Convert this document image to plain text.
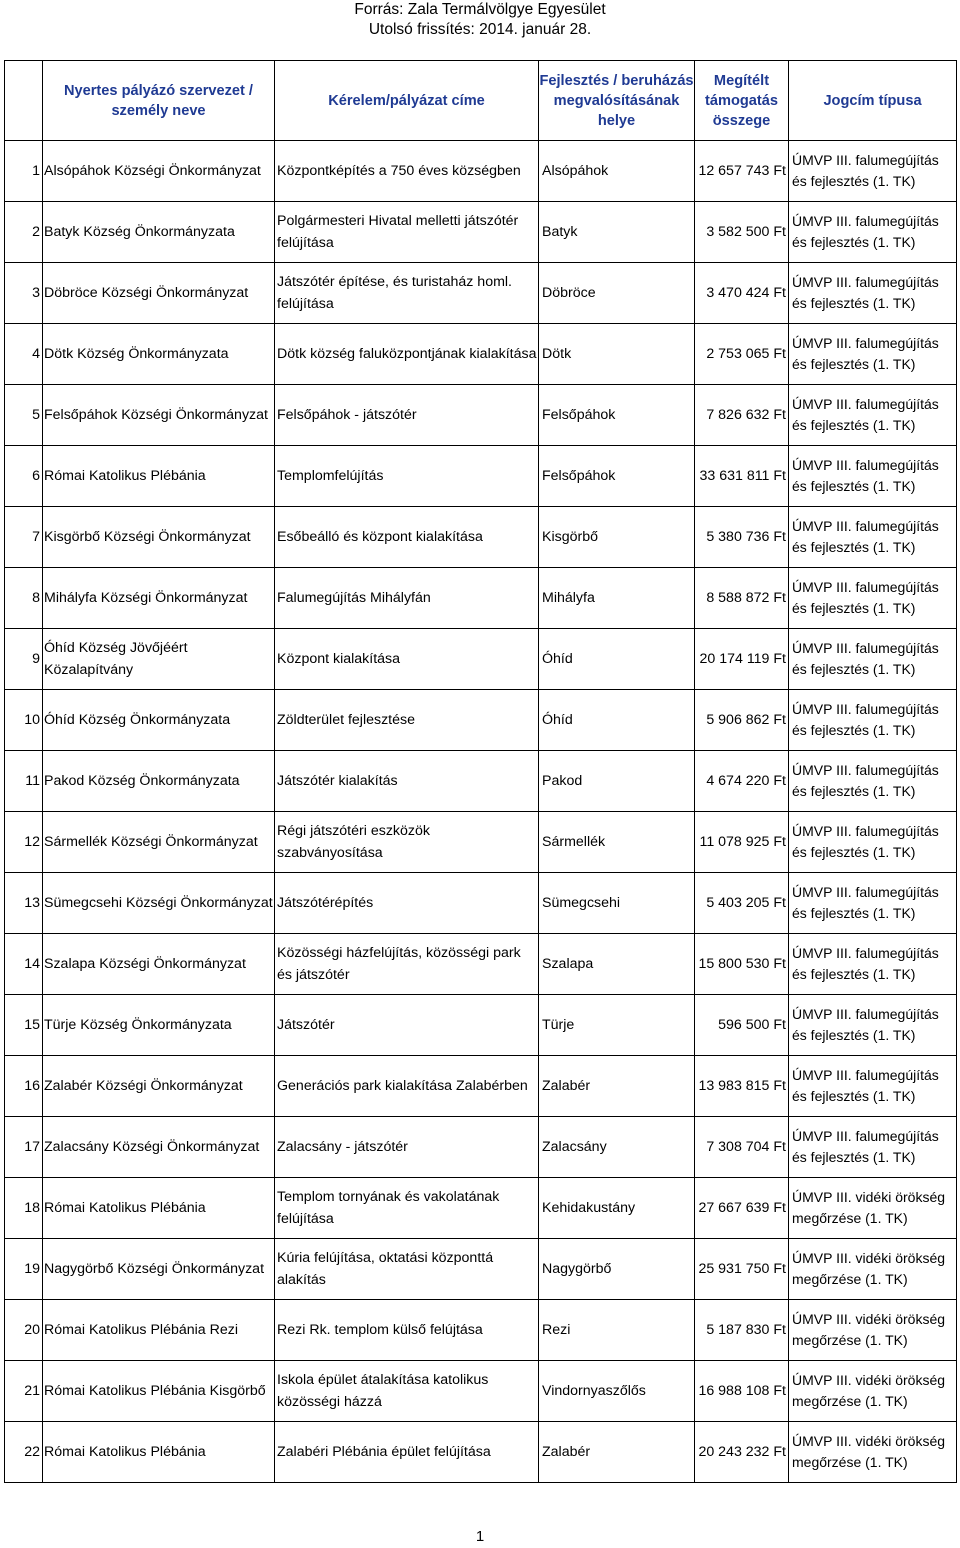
Forrás: Zala Termálvölgye Egyesület
Utolsó frissítés: 2014. január 28.
	Nyertes pályázó szervezet / személy neve	Kérelem/pályázat címe	Fejlesztés / beruházás megvalósításának helye	Megítélt támogatás összege	Jogcím típusa
1	Alsópáhok Községi Önkormányzat	Központképítés a 750 éves községben	Alsópáhok	12 657 743 Ft	ÚMVP III. falumegújítás és fejlesztés (1. TK)
2	Batyk Község Önkormányzata	Polgármesteri Hivatal melletti játszótér felújítása	Batyk	3 582 500 Ft	ÚMVP III. falumegújítás és fejlesztés (1. TK)
3	Döbröce Községi Önkormányzat	Játszótér építése, és turistaház homl. felújítása	Döbröce	3 470 424 Ft	ÚMVP III. falumegújítás és fejlesztés (1. TK)
4	Dötk Község Önkormányzata	Dötk község faluközpontjának kialakítása	Dötk	2 753 065 Ft	ÚMVP III. falumegújítás és fejlesztés (1. TK)
5	Felsőpáhok Községi Önkormányzat	Felsőpáhok - játszótér	Felsőpáhok	7 826 632 Ft	ÚMVP III. falumegújítás és fejlesztés (1. TK)
6	Római Katolikus Plébánia	Templomfelújítás	Felsőpáhok	33 631 811 Ft	ÚMVP III. falumegújítás és fejlesztés (1. TK)
7	Kisgörbő Községi Önkormányzat	Esőbeálló és központ kialakítása	Kisgörbő	5 380 736 Ft	ÚMVP III. falumegújítás és fejlesztés (1. TK)
8	Mihályfa Községi Önkormányzat	Falumegújítás Mihályfán	Mihályfa	8 588 872 Ft	ÚMVP III. falumegújítás és fejlesztés (1. TK)
9	Óhíd Község Jövőjéért Közalapítvány	Központ kialakítása	Óhíd	20 174 119 Ft	ÚMVP III. falumegújítás és fejlesztés (1. TK)
10	Óhíd Község Önkormányzata	Zöldterület fejlesztése	Óhíd	5 906 862 Ft	ÚMVP III. falumegújítás és fejlesztés (1. TK)
11	Pakod Község Önkormányzata	Játszótér kialakítás	Pakod	4 674 220 Ft	ÚMVP III. falumegújítás és fejlesztés (1. TK)
12	Sármellék Községi Önkormányzat	Régi játszótéri eszközök szabványosítása	Sármellék	11 078 925 Ft	ÚMVP III. falumegújítás és fejlesztés (1. TK)
13	Sümegcsehi Községi Önkormányzat	Játszótérépítés	Sümegcsehi	5 403 205 Ft	ÚMVP III. falumegújítás és fejlesztés (1. TK)
14	Szalapa Községi Önkormányzat	Közösségi házfelújítás, közösségi park és játszótér	Szalapa	15 800 530 Ft	ÚMVP III. falumegújítás és fejlesztés (1. TK)
15	Türje Község Önkormányzata	Játszótér	Türje	596 500 Ft	ÚMVP III. falumegújítás és fejlesztés (1. TK)
16	Zalabér Községi Önkormányzat	Generációs park kialakítása Zalabérben	Zalabér	13 983 815 Ft	ÚMVP III. falumegújítás és fejlesztés (1. TK)
17	Zalacsány Községi Önkormányzat	Zalacsány - játszótér	Zalacsány	7 308 704 Ft	ÚMVP III. falumegújítás és fejlesztés (1. TK)
18	Római Katolikus Plébánia	Templom tornyának és vakolatának felújítása	Kehidakustány	27 667 639 Ft	ÚMVP III. vidéki örökség megőrzése (1. TK)
19	Nagygörbő Községi Önkormányzat	Kúria felújítása, oktatási központtá alakítás	Nagygörbő	25 931 750 Ft	ÚMVP III. vidéki örökség megőrzése (1. TK)
20	Római Katolikus Plébánia Rezi	Rezi Rk. templom külső felújtása	Rezi	5 187 830 Ft	ÚMVP III. vidéki örökség megőrzése (1. TK)
21	Római Katolikus Plébánia Kisgörbő	Iskola épület átalakítása katolikus közösségi házzá	Vindornyaszőlős	16 988 108 Ft	ÚMVP III. vidéki örökség megőrzése (1. TK)
22	Római Katolikus Plébánia	Zalabéri Plébánia épület felújítása	Zalabér	20 243 232 Ft	ÚMVP III. vidéki örökség megőrzése (1. TK)
1
